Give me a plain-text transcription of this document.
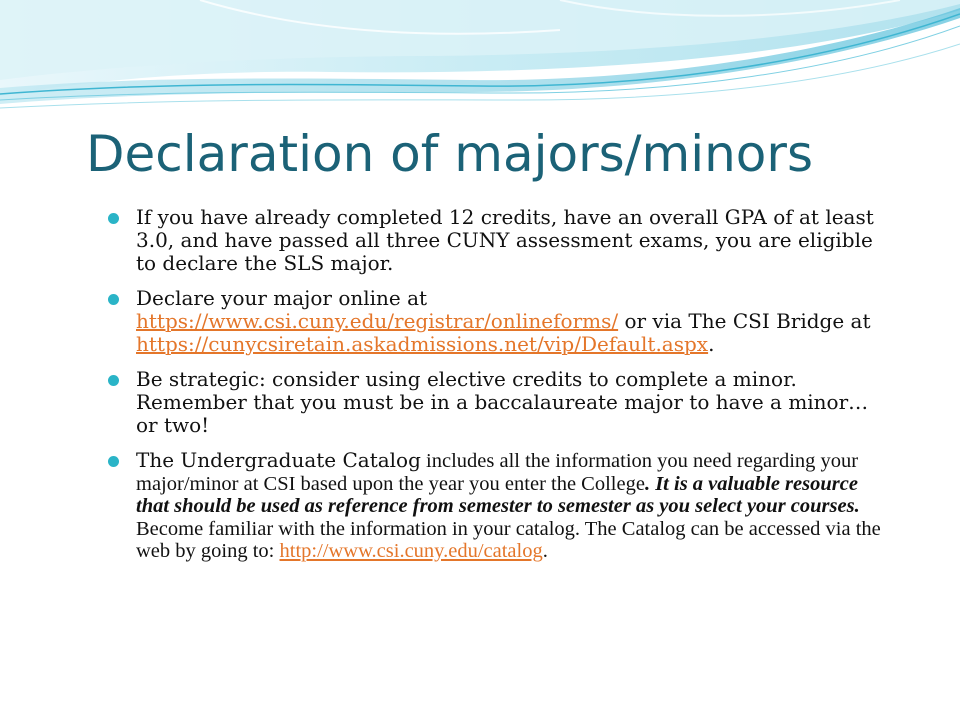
Declaration of majors/minors
If you have already completed 12 credits, have an overall GPA of at least 3.0, and have passed all three CUNY assessment exams, you are eligible to declare the SLS major.
Declare your major online at https://www.csi.cuny.edu/registrar/onlineforms/ or via The CSI Bridge at https://cunycsiretain.askadmissions.net/vip/Default.aspx.
Be strategic: consider using elective credits to complete a minor. Remember that you must be in a baccalaureate major to have a minor…or two!
The Undergraduate Catalog includes all the information you need regarding your major/minor at CSI based upon the year you enter the College. It is a valuable resource that should be used as reference from semester to semester as you select your courses. Become familiar with the information in your catalog. The Catalog can be accessed via the web by going to: http://www.csi.cuny.edu/catalog.
